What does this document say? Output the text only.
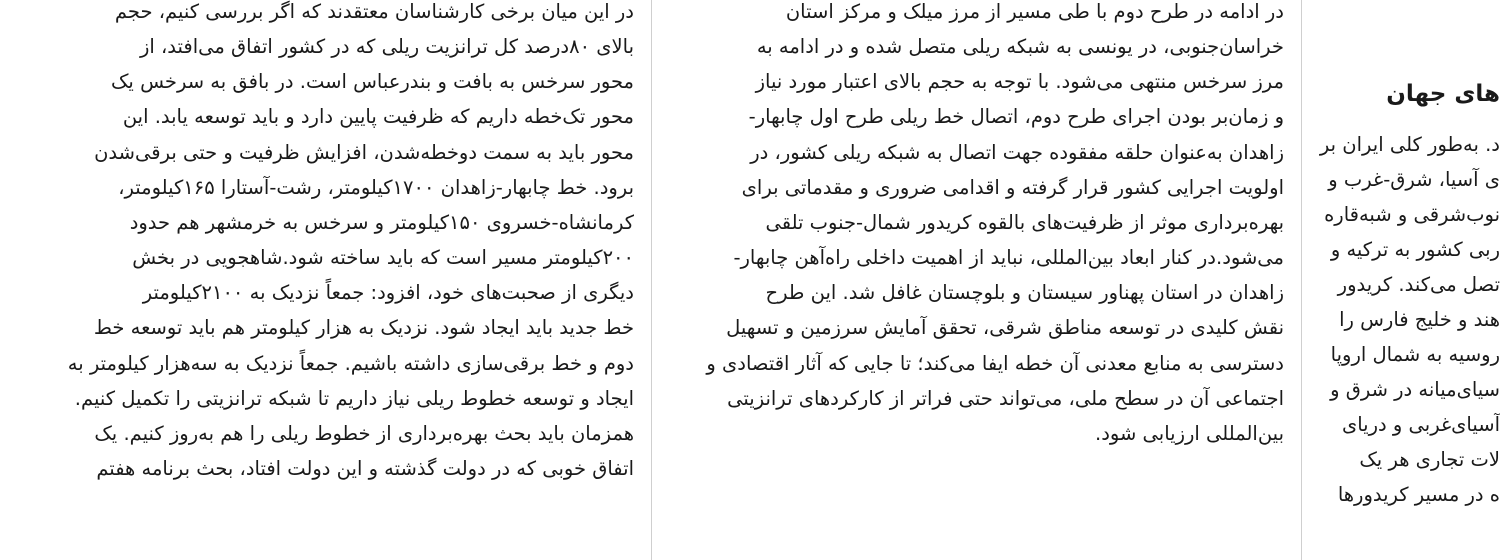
در این میان برخی کارشناسان معتقدند که اگر بررسی کنیم، حجم
بالای ۸۰درصد کل ترانزیت ریلی که در کشور اتفاق می‌افتد، از
محور سرخس به بافت و بندرعباس است. در بافق به سرخس یک
محور تک‌خطه داریم که ظرفیت پایین دارد و باید توسعه یابد. این
محور باید به سمت دوخطه‌شدن، افزایش ظرفیت و حتی برقی‌شدن
برود. خط چابهار-زاهدان ۱۷۰۰کیلومتر، رشت-آستارا ۱۶۵کیلومتر،
کرمانشاه-خسروی ۱۵۰کیلومتر و سرخس به خرمشهر هم حدود
۲۰۰کیلومتر مسیر است که باید ساخته شود.شاهجویی در بخش
دیگری از صحبت‌های خود، افزود: جمعاً نزدیک به ۲۱۰۰کیلومتر
خط جدید باید ایجاد شود. نزدیک به هزار کیلومتر هم باید توسعه خط
دوم و خط برقی‌سازی داشته باشیم. جمعاً نزدیک به سه‌هزار کیلومتر به
ایجاد و توسعه خطوط ریلی نیاز داریم تا شبکه ترانزیتی را تکمیل کنیم.
همزمان باید بحث بهره‌برداری از خطوط ریلی را هم به‌روز کنیم. یک
اتفاق خوبی که در دولت گذشته و این دولت افتاد، بحث برنامه هفتم
در ادامه در طرح دوم با طی مسیر از مرز میلک و مرکز استان
خراسان‌جنوبی، در یونسی به شبکه ریلی متصل شده و در ادامه به
مرز سرخس منتهی می‌شود. با توجه به حجم بالای اعتبار مورد نیاز
و زمان‌بر بودن اجرای طرح دوم، اتصال خط ریلی طرح اول چابهار-
زاهدان به‌عنوان حلقه مفقوده جهت اتصال به شبکه ریلی کشور، در
اولویت اجرایی کشور قرار گرفته و اقدامی ضروری و مقدماتی برای
بهره‌برداری موثر از ظرفیت‌های بالقوه کریدور شمال-جنوب تلقی
می‌شود.در کنار ابعاد بین‌المللی، نباید از اهمیت داخلی راه‌آهن چابهار-
زاهدان در استان پهناور سیستان و بلوچستان غافل شد. این طرح
نقش کلیدی در توسعه مناطق شرقی، تحقق آمایش سرزمین و تسهیل
دسترسی به منابع معدنی آن خطه ایفا می‌کند؛ تا جایی که آثار اقتصادی و
اجتماعی آن در سطح ملی، می‌تواند حتی فراتر از کارکردهای ترانزیتی
بین‌المللی ارزیابی شود.
های جهان
د. به‌طور کلی ایران بر
ی آسیا، شرق-غرب و
نوب‌شرقی و شبه‌قاره
ربی کشور به ترکیه و
تصل می‌کند. کریدور
هند و خلیج فارس را
روسیه به شمال اروپا
سیای‌میانه در شرق و
آسیای‌غربی و دریای
لات تجاری هر یک
ه در مسیر کریدورها
